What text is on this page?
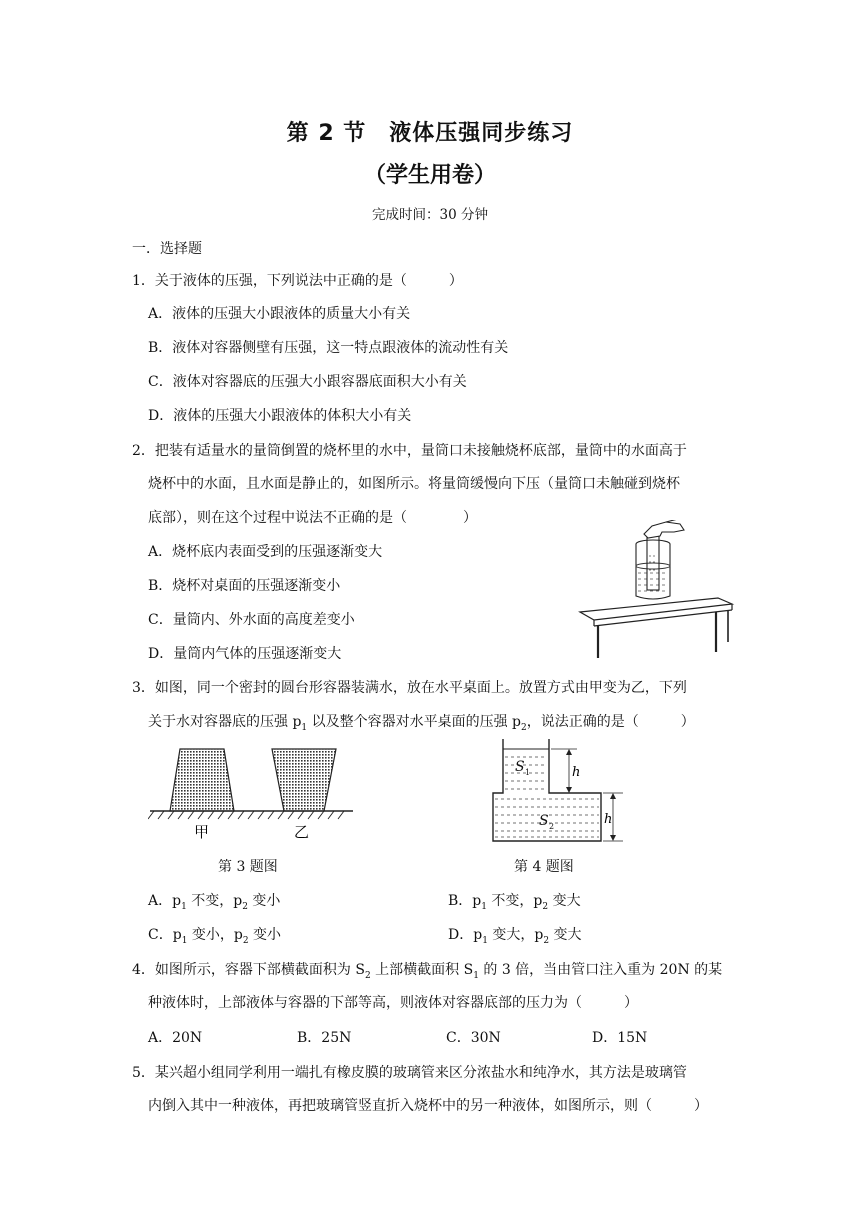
第 2 节　液体压强同步练习
（学生用卷）
完成时间：30 分钟
一．选择题
1．关于液体的压强，下列说法中正确的是（　　　）
A．液体的压强大小跟液体的质量大小有关
B．液体对容器侧壁有压强，这一特点跟液体的流动性有关
C．液体对容器底的压强大小跟容器底面积大小有关
D．液体的压强大小跟液体的体积大小有关
2．把装有适量水的量筒倒置的烧杯里的水中，量筒口未接触烧杯底部，量筒中的水面高于
烧杯中的水面，且水面是静止的，如图所示。将量筒缓慢向下压（量筒口未触碰到烧杯
底部），则在这个过程中说法不正确的是（　　　　）
A．烧杯底内表面受到的压强逐渐变大
B．烧杯对桌面的压强逐渐变小
C．量筒内、外水面的高度差变小
D．量筒内气体的压强逐渐变大
3．如图，同一个密封的圆台形容器装满水，放在水平桌面上。放置方式由甲变为乙，下列
关于水对容器底的压强 $p_1$ 以及整个容器对水平桌面的压强 $p_2$，说法正确的是（　　　）
甲	乙
第 3 题图
S 1
S 2
h
h
第 4 题图
A．$p_1$ 不变，$p_2$ 变小	B．$p_1$ 不变，$p_2$ 变大
C．$p_1$ 变小，$p_2$ 变小	D．$p_1$ 变大，$p_2$ 变大
4．如图所示，容器下部横截面积为 $S_2$ 上部横截面积 $S_1$ 的 3 倍，当由管口注入重为 20N 的某
种液体时，上部液体与容器的下部等高，则液体对容器底部的压力为（　　　）
A．20N	B．25N	C．30N	D．15N
5．某兴超小组同学利用一端扎有橡皮膜的玻璃管来区分浓盐水和纯净水，其方法是玻璃管
内倒入其中一种液体，再把玻璃管竖直折入烧杯中的另一种液体，如图所示，则（　　　）
